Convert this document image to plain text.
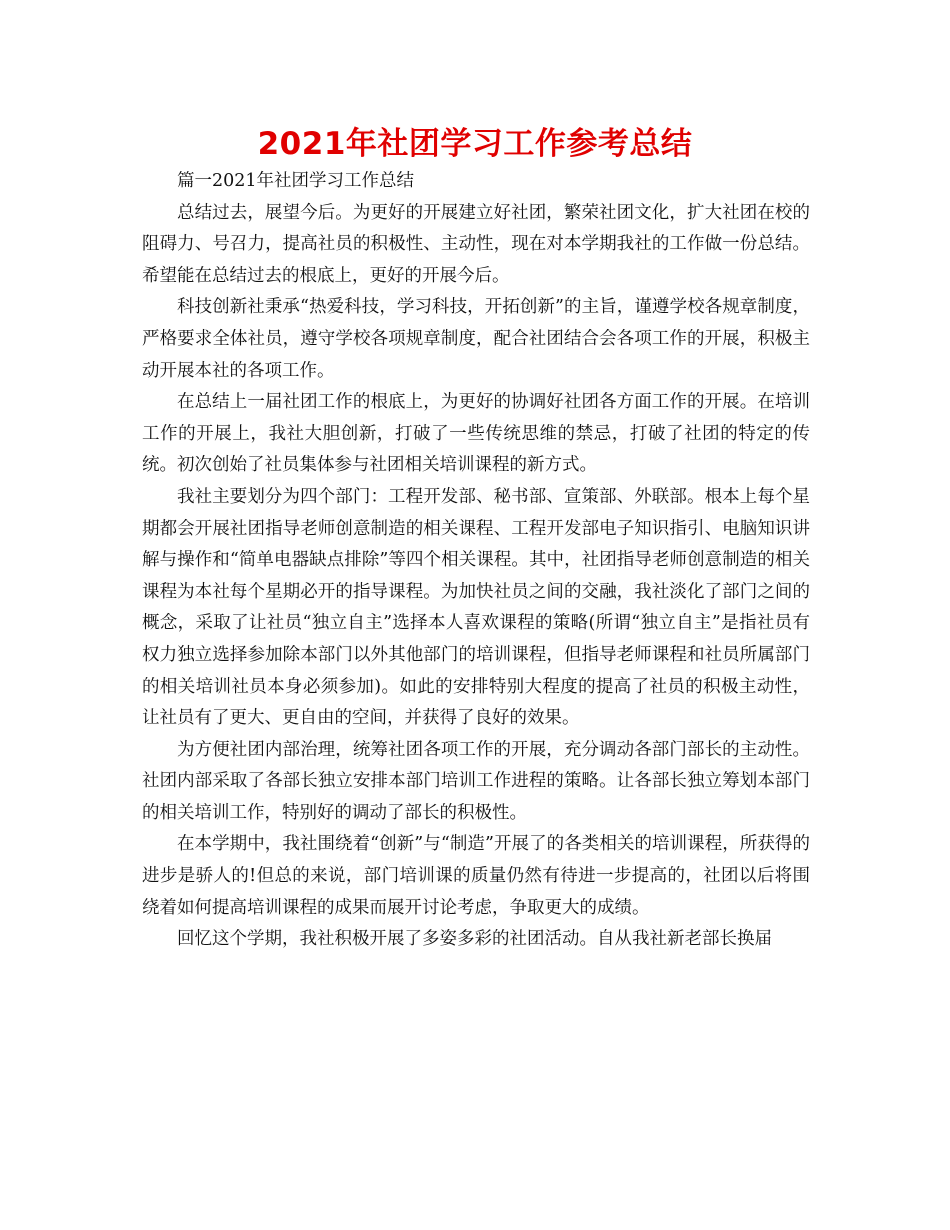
2021年社团学习工作参考总结

篇一2021年社团学习工作总结

总结过去，展望今后。为更好的开展建立好社团，繁荣社团文化，扩大社团在校的阻碍力、号召力，提高社员的积极性、主动性，现在对本学期我社的工作做一份总结。希望能在总结过去的根底上，更好的开展今后。

科技创新社秉承“热爱科技，学习科技，开拓创新”的主旨，谨遵学校各规章制度，严格要求全体社员，遵守学校各项规章制度，配合社团结合会各项工作的开展，积极主动开展本社的各项工作。

在总结上一届社团工作的根底上，为更好的协调好社团各方面工作的开展。在培训工作的开展上，我社大胆创新，打破了一些传统思维的禁忌，打破了社团的特定的传统。初次创始了社员集体参与社团相关培训课程的新方式。

我社主要划分为四个部门：工程开发部、秘书部、宣策部、外联部。根本上每个星期都会开展社团指导老师创意制造的相关课程、工程开发部电子知识指引、电脑知识讲解与操作和“简单电器缺点排除”等四个相关课程。其中，社团指导老师创意制造的相关课程为本社每个星期必开的指导课程。为加快社员之间的交融，我社淡化了部门之间的概念，采取了让社员“独立自主”选择本人喜欢课程的策略(所谓“独立自主”是指社员有权力独立选择参加除本部门以外其他部门的培训课程，但指导老师课程和社员所属部门的相关培训社员本身必须参加)。如此的安排特别大程度的提高了社员的积极主动性，让社员有了更大、更自由的空间，并获得了良好的效果。

为方便社团内部治理，统筹社团各项工作的开展，充分调动各部门部长的主动性。社团内部采取了各部长独立安排本部门培训工作进程的策略。让各部长独立筹划本部门的相关培训工作，特别好的调动了部长的积极性。

在本学期中，我社围绕着“创新”与“制造”开展了的各类相关的培训课程，所获得的进步是骄人的!但总的来说，部门培训课的质量仍然有待进一步提高的，社团以后将围绕着如何提高培训课程的成果而展开讨论考虑，争取更大的成绩。

回忆这个学期，我社积极开展了多姿多彩的社团活动。自从我社新老部长换届
